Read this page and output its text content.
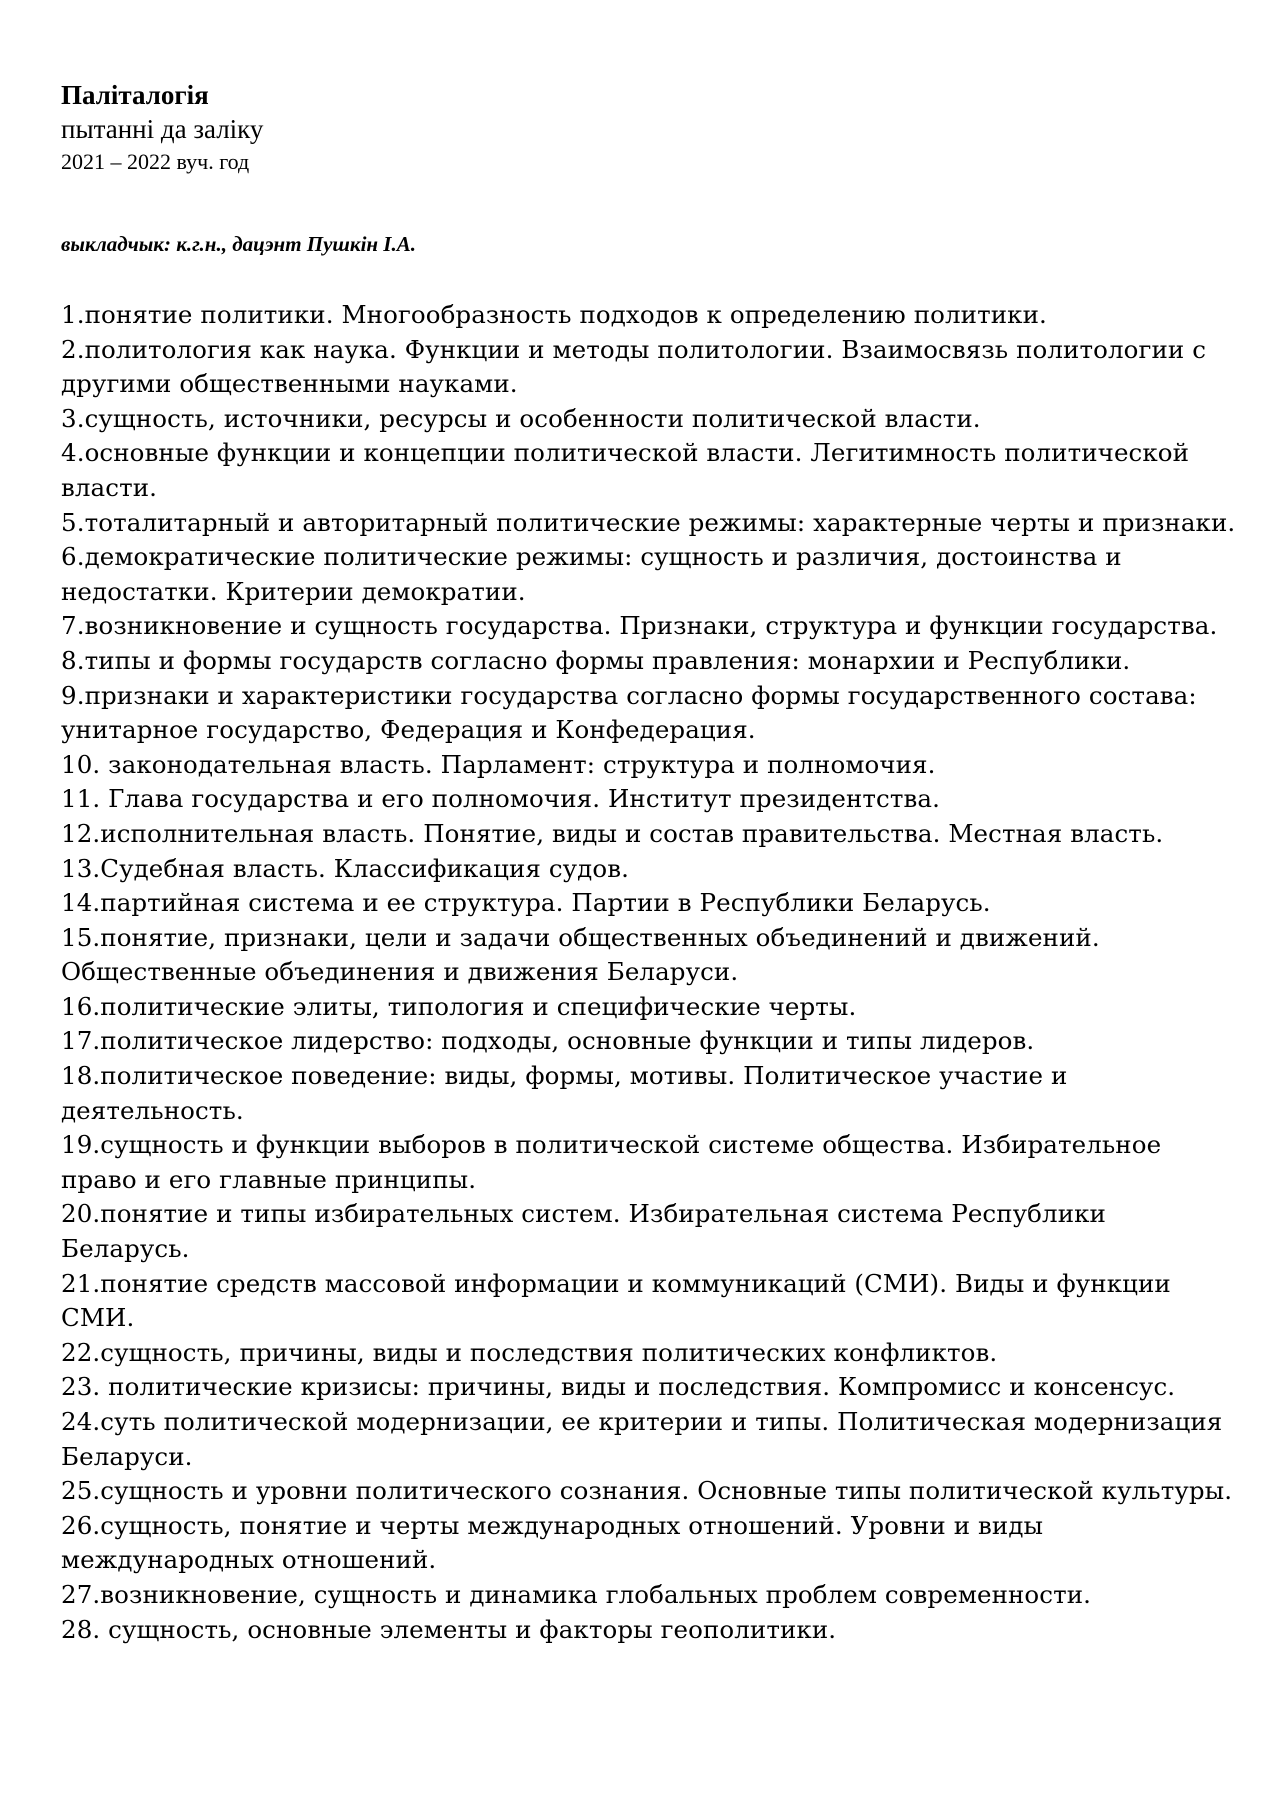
Паліталогія

пытанні да заліку

2021 – 2022 вуч. год

выкладчык: к.г.н., дацэнт Пушкін І.А.

1.понятие политики. Многообразность подходов к определению политики.
2.политология как наука. Функции и методы политологии. Взаимосвязь политологии с другими общественными науками.
3.сущность, источники, ресурсы и особенности политической власти.
4.основные функции и концепции политической власти. Легитимность политической власти.
5.тоталитарный и авторитарный политические режимы: характерные черты и признаки.
6.демократические политические режимы: сущность и различия, достоинства и недостатки. Критерии демократии.
7.возникновение и сущность государства. Признаки, структура и функции государства.
8.типы и формы государств согласно формы правления: монархии и Республики.
9.признаки и характеристики государства согласно формы государственного состава: унитарное государство, Федерация и Конфедерация.
10. законодательная власть. Парламент: структура и полномочия.
11. Глава государства и его полномочия. Институт президентства.
12.исполнительная власть. Понятие, виды и состав правительства. Местная власть.
13.Судебная власть. Классификация судов.
14.партийная система и ее структура. Партии в Республики Беларусь.
15.понятие, признаки, цели и задачи общественных объединений и движений. Общественные объединения и движения Беларуси.
16.политические элиты, типология и специфические черты.
17.политическое лидерство: подходы, основные функции и типы лидеров.
18.политическое поведение: виды, формы, мотивы. Политическое участие и деятельность.
19.сущность и функции выборов в политической системе общества. Избирательное право и его главные принципы.
20.понятие и типы избирательных систем. Избирательная система Республики Беларусь.
21.понятие средств массовой информации и коммуникаций (СМИ). Виды и функции СМИ.
22.сущность, причины, виды и последствия политических конфликтов.
23. политические кризисы: причины, виды и последствия. Компромисс и консенсус.
24.суть политической модернизации, ее критерии и типы. Политическая модернизация Беларуси.
25.сущность и уровни политического сознания. Основные типы политической культуры.
26.сущность, понятие и черты международных отношений. Уровни и виды международных отношений.
27.возникновение, сущность и динамика глобальных проблем современности.
28. сущность, основные элементы и факторы геополитики.
